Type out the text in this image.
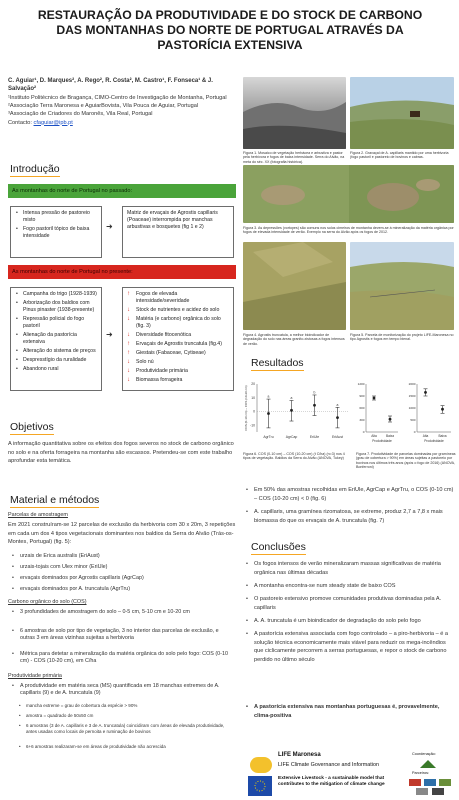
RESTAURAÇÃO DA PRODUTIVIDADE E DO STOCK DE CARBONO
DAS MONTANHAS DO NORTE DE PORTUGAL ATRAVÉS DA
PASTORÍCIA EXTENSIVA
C. Aguiar¹, D. Marques², A. Rego², R. Costa², M. Castro¹, F. Fonseca¹ & J. Salvação²
¹Instituto Politécnico de Bragança, CIMO-Centro de Investigação de Montanha, Portugal
²Associação Terra Maronesa e AguiarBovista, Vila Pouca de Aguiar, Portugal
³Associação de Criadores do Maronês, Vila Real, Portugal
Contacto: cfaguiar@ipb.pt
Introdução
As montanhas do norte de Portugal no passado:
• Intensa pressão de pastoreio misto
• Fogo pastoril tópico de baixa intensidade
➜
Matriz de ervaçais de Agrostis capillaris (Poaceae) interrompida por manchas arbustivas e bosquetes (fig 1 e 2)
As montanhas do norte de Portugal no presente:
• Campanha do trigo (1928-1939)
• Arborização dos baldios com Pinus pinaster (1938-presente)
• Repressão policial do fogo pastoril
• Alienação da pastorícia extensiva
• Alteração do sistema de preços
• Despresstígio da ruralidade
• Abandono rural
➜
↑ Fogos de elevada intensidade/severidade
↓ Stock de nutrientes e acidez do solo
↓ Matéria (e carbono) orgânica do solo (fig. 3)
↓ Diversidade fitocenótica
↑ Ervaçais de Agrostis truncatula (fig.4)
↑ Giestais (Fabaceae, Cytiseae)
↓ Solo nú
↓ Produtividade primária
↓ Biomassa forrageira
Objetivos
A informação quantitativa sobre os efeitos dos fogos severos no stock de carbono orgânico no solo e na oferta forrageira na montanha são escassos. Pretendeu-se com este trabalho aprofundar esta temática.
Material e métodos
Parcelas de amostragem
Em 2021 construíram-se 12 parcelas de exclusão da herbivoria com 30 x 20m, 3 repetições em cada um dos 4 tipos vegetacionais dominantes nos baldios da Serra do Alvão (Trás-os-Montes, Portugal) (fig. 5):
• urzais de Erica australis (EriAust)
• urzais-tojais com Ulex minor (EriUle)
• ervaçais dominados por Agrostis capillaris (AgrCap)
• ervaçais dominados por A. truncatula (AgrTru)
Carbono orgânico do solo (COS)
• 3 profundidades de amostragem do solo – 0-5 cm, 5-10 cm e 10-20 cm
• 6 amostras de solo por tipo de vegetação, 3 no interior das parcelas de exclusão, e outras 3 em áreas vizinhas sujeitas a herbivoria
• Métrica para detetar a mineralização da matéria orgânica do solo pelo fogo: COS (0-10 cm) - COS (10-20 cm), em C/ha
Produtividade primária
• A produtividade em matéria seca (MS) quantificada em 18 manchas extremes de A. capillaris (9) e de A. truncatula (9)
• mancha extreme = grau de cobertura da espécie > 90%
• amostra = quadrado de 50x50 cm
• 6 amostras (3 de A. capillaris e 3 de A. truncatula) coincidiram com áreas de elevada produtividade, antes usadas como locais de pernoita e ruminação de bovinos
• 6+6 amostras realizaram-se em áreas de produtividade não acrescida
Figura 1. Mosaico de vegetação herbácea e arbustiva e pastor pela herbívora e fogos de baixa intensidade. Serra do Alvão, na meta do séc. XX (fotografia histórica).
Figura 2. Gravaçal de A. capillaris mantido por uma herbivoria (fogo pastoril e pastoreio de bovinos e cabras.
Figura 3. As depressões (vortopes) são comuns nos solos cimeiros de montanha devem-se à mineralização da matéria orgânica por fogos de elevada intensidade de verão. Exemplo na serra do Alvão após os fogos de 2012.
Figura 4. Agrostis truncatula, a melhor bioindicador de degradação do solo nas áreas granito-xistosas a fogos intensos de verão.
Figura 5. Parcela de monitorização do projeto LIFE-Maronesa no tipo Agrostis e fogos em tempo bienal.
Resultados
-10
0
10
20
COS (0-10 cm) – COS (10-20 cm)	a
AgrTru
a
AgrCap
b
EriUle
a
EriAust
Figura 6. COS (0-10 cm) – COS (10-20 cm) (t C/ha) (n=3) nos 4 tipos de vegetação. Baldios da Serra do Alvão (ANOVA, Tukey)
0
300
600
900
1200
Alta	Baixa
Produtividade
0
500
1000
1500
2000
Alta	Baixa
Produtividade
Figura 7. Produtividade de parcelas dominadas por gramíneas (grau de cobertura > 90%) em áreas sujeitas a pastoreio por bovinos nos últimos três anos (após o fogo de 2016) (ANOVA, Bonferroni)
• Em 50% das amostras recolhidas em EriUle, AgrCap e AgrTru, o COS (0-10 cm) – COS (10-20 cm) < 0 (fig. 6)
• A. capillaris, uma gramínea rizomatosa, se extreme, produz 2,7 a 7,8 x mais biomassa do que os ervaçais de A. truncatula (fig. 7)
Conclusões
• Os fogos intensos de verão mineralizaram massas significativas de matéria orgânica nas últimas décadas
• A montanha encontra-se num steady state de baixo COS
• O pastoreio extensivo promove comunidades produtivas dominadas pela A. capillaris
• A. A. truncatula é um bioindicador de degradação do solo pelo fogo
• A pastorícia extensiva associada com fogo controlado – a piro-herbivoria – é a solução técnica economicamente mais viável para reduzir os mega-incêndios que ciclicamente percorrem a serras portuguesas, e repor o stock de carbono perdido no último século
• A pastorícia extensiva nas montanhas portuguesas é, provavelmente, clima-positiva
LIFE Maronesa
LIFE Climate Governance and Information
Extensive Livestock - a sustainable model that contributes to the mitigation of climate change
Coordenação:
Parceiros:
